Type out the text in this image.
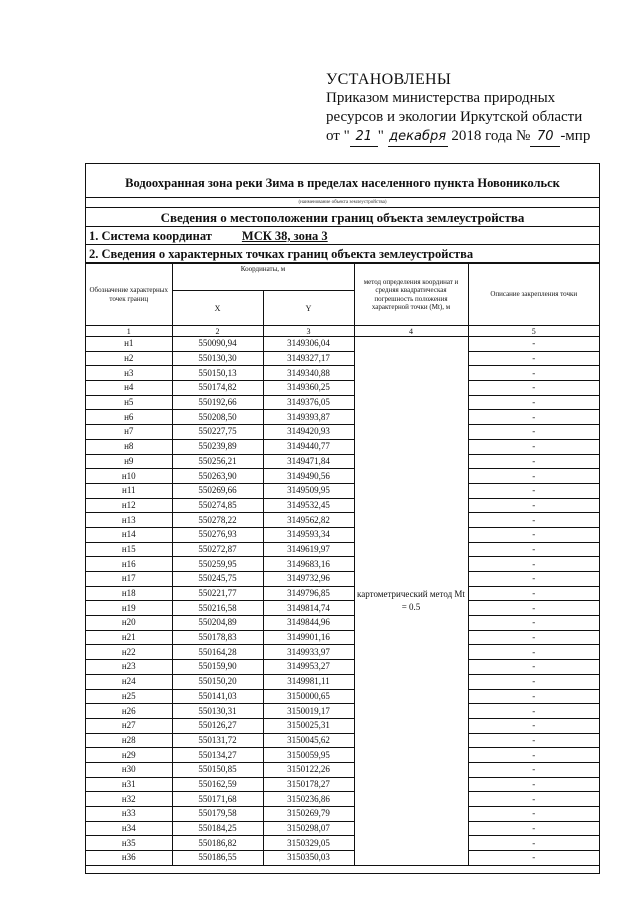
УСТАНОВЛЕНЫ
Приказом министерства природных
ресурсов и экологии Иркутской области
от " 21 " декабря 2018 года № 70 -мпр
Водоохранная зона реки Зима в пределах населенного пункта Новоникольск
(наименование объекта землеустройства)
Сведения о местоположении границ объекта землеустройства
1. Система координат МСК 38, зона 3
2. Сведения о характерных точках границ объекта землеустройства
Обозначение характерных точек границ	Координаты, м		метод определения координат и средняя квадратическая погрешность положения характерной точки (Mt), м	Описание закрепления точки

	X	Y		
1	2	3	4	5
н1	550090,94	3149306,04	картометрический метод Mt = 0.5	-
н2	550130,30	3149327,17		-
н3	550150,13	3149340,88		-
н4	550174,82	3149360,25		-
н5	550192,66	3149376,05		-
н6	550208,50	3149393,87		-
н7	550227,75	3149420,93		-
н8	550239,89	3149440,77		-
н9	550256,21	3149471,84		-
н10	550263,90	3149490,56		-
н11	550269,66	3149509,95		-
н12	550274,85	3149532,45		-
н13	550278,22	3149562,82		-
н14	550276,93	3149593,34		-
н15	550272,87	3149619,97		-
н16	550259,95	3149683,16		-
н17	550245,75	3149732,96		-
н18	550221,77	3149796,85		-
н19	550216,58	3149814,74		-
н20	550204,89	3149844,96		-
н21	550178,83	3149901,16		-
н22	550164,28	3149933,97		-
н23	550159,90	3149953,27		-
н24	550150,20	3149981,11		-
н25	550141,03	3150000,65		-
н26	550130,31	3150019,17		-
н27	550126,27	3150025,31		-
н28	550131,72	3150045,62		-
н29	550134,27	3150059,95		-
н30	550150,85	3150122,26		-
н31	550162,59	3150178,27		-
н32	550171,68	3150236,86		-
н33	550179,58	3150269,79		-
н34	550184,25	3150298,07		-
н35	550186,82	3150329,05		-
н36	550186,55	3150350,03		-
